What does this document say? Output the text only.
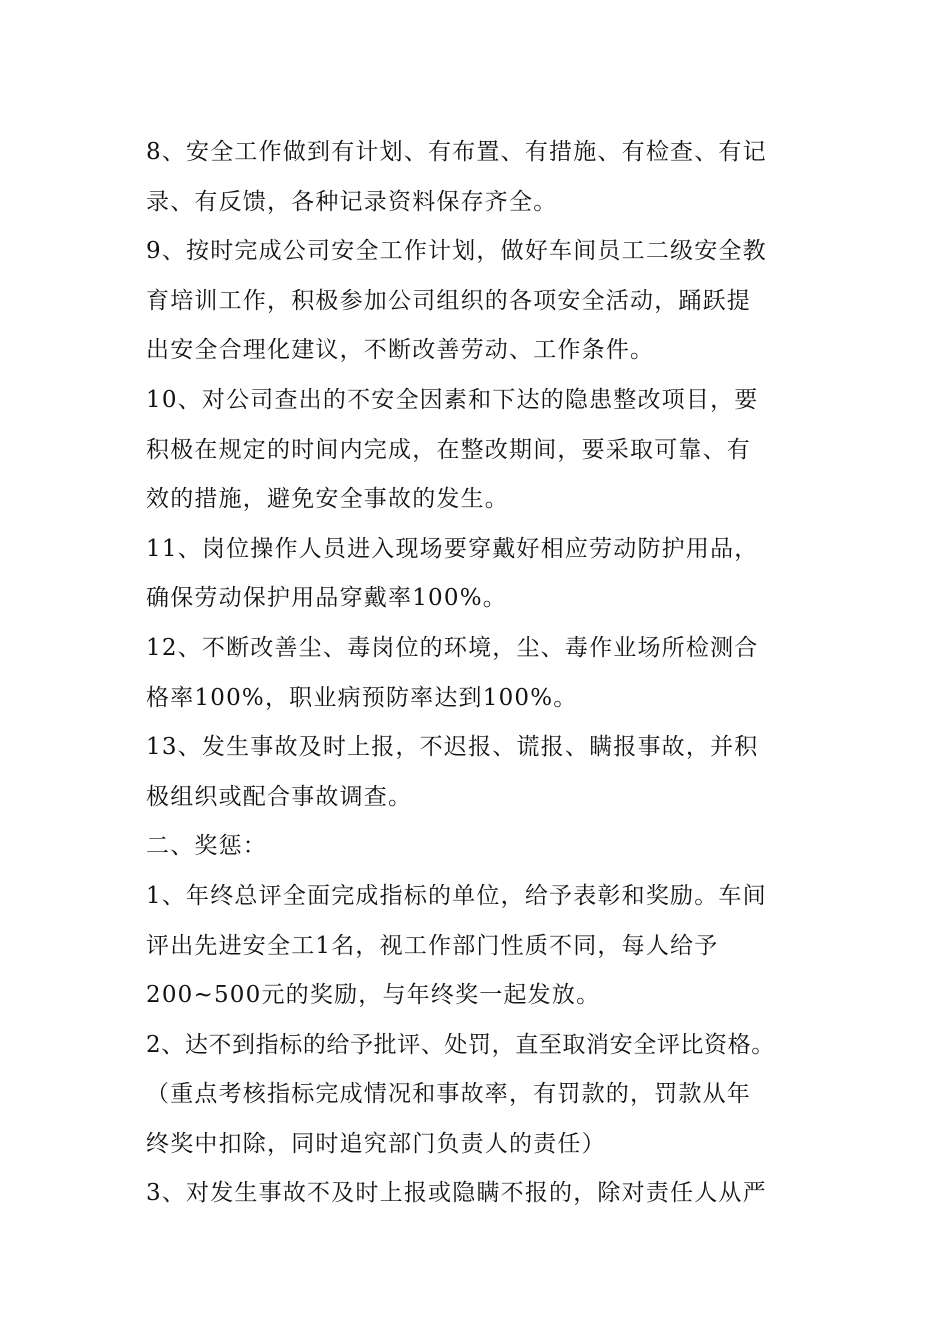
8、安全工作做到有计划、有布置、有措施、有检查、有记
录、有反馈，各种记录资料保存齐全。
9、按时完成公司安全工作计划，做好车间员工二级安全教
育培训工作，积极参加公司组织的各项安全活动，踊跃提
出安全合理化建议，不断改善劳动、工作条件。
10、对公司查出的不安全因素和下达的隐患整改项目，要
积极在规定的时间内完成，在整改期间，要采取可靠、有
效的措施，避免安全事故的发生。
11、岗位操作人员进入现场要穿戴好相应劳动防护用品，
确保劳动保护用品穿戴率100%。
12、不断改善尘、毒岗位的环境，尘、毒作业场所检测合
格率100%，职业病预防率达到100%。
13、发生事故及时上报，不迟报、谎报、瞒报事故，并积
极组织或配合事故调查。
二、奖惩：
1、年终总评全面完成指标的单位，给予表彰和奖励。车间
评出先进安全工1名，视工作部门性质不同，每人给予
200~500元的奖励，与年终奖一起发放。
2、达不到指标的给予批评、处罚，直至取消安全评比资格。
（重点考核指标完成情况和事故率，有罚款的，罚款从年
终奖中扣除，同时追究部门负责人的责任）
3、对发生事故不及时上报或隐瞒不报的，除对责任人从严
